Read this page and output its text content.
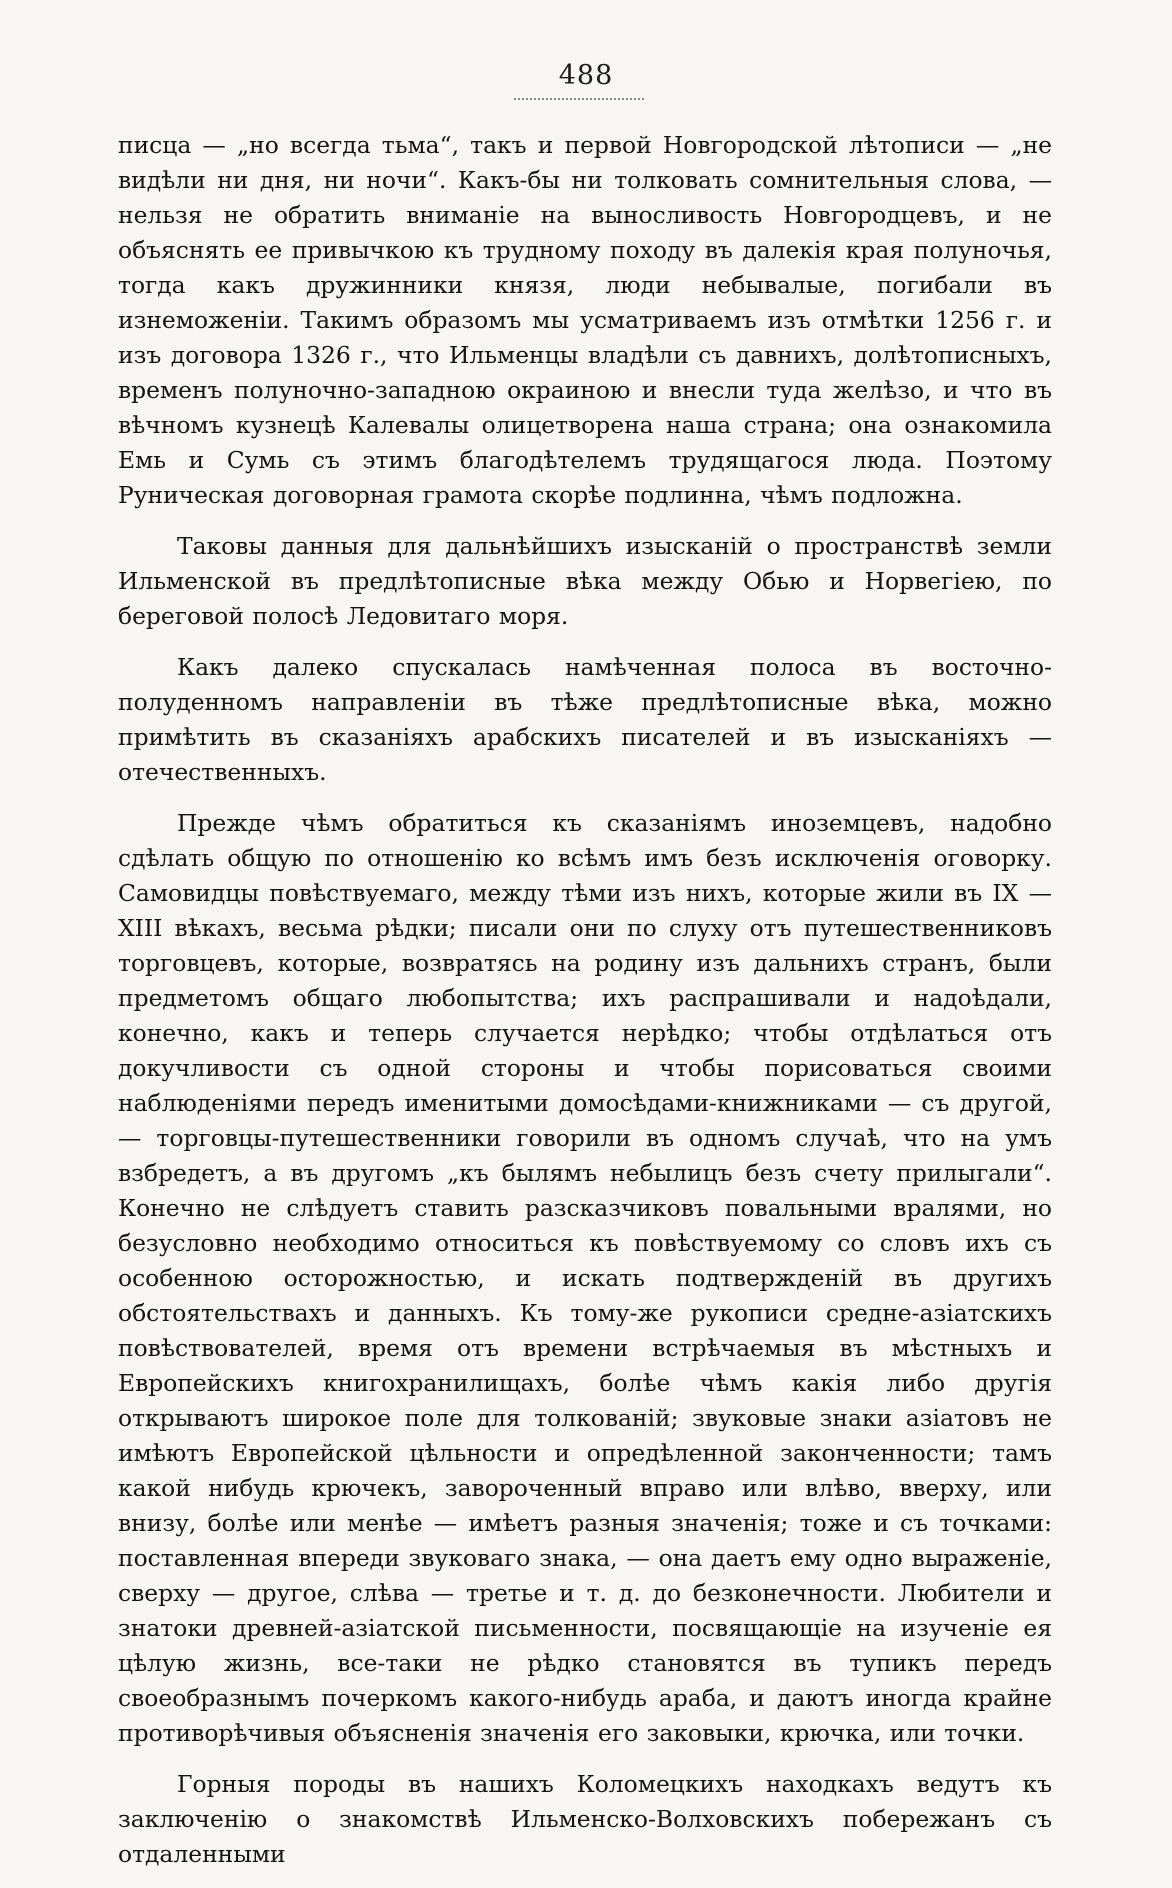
488

писца — „но всегда тьма“, такъ и первой Новгородской лѣтописи — „не видѣли ни дня, ни ночи“. Какъ-бы ни толковать сомнительныя слова, — нельзя не обратить вниманіе на выносливость Новгородцевъ, и не объяснять ее привычкою къ трудному походу въ далекія края полуночья, тогда какъ дружинники князя, люди небывалые, погибали въ изнеможеніи. Такимъ образомъ мы усматриваемъ изъ отмѣтки 1256 г. и изъ договора 1326 г., что Ильменцы владѣли съ давнихъ, долѣтописныхъ, временъ полуночно-западною окраиною и внесли туда желѣзо, и что въ вѣчномъ кузнецѣ Калевалы олицетворена наша страна; она ознакомила Емь и Сумь съ этимъ благодѣтелемъ трудящагося люда. Поэтому Руническая договорная грамота скорѣе подлинна, чѣмъ подложна.

Таковы данныя для дальнѣйшихъ изысканій о пространствѣ земли Ильменской въ предлѣтописные вѣка между Обью и Норвегіею, по береговой полосѣ Ледовитаго моря.

Какъ далеко спускалась намѣченная полоса въ восточно-полуденномъ направленіи въ тѣже предлѣтописные вѣка, можно примѣтить въ сказаніяхъ арабскихъ писателей и въ изысканіяхъ — отечественныхъ.

Прежде чѣмъ обратиться къ сказаніямъ иноземцевъ, надобно сдѣлать общую по отношенію ко всѣмъ имъ безъ исключенія оговорку. Самовидцы повѣствуемаго, между тѣми изъ нихъ, которые жили въ IX — XIII вѣкахъ, весьма рѣдки; писали они по слуху отъ путешественниковъ торговцевъ, которые, возвратясь на родину изъ дальнихъ странъ, были предметомъ общаго любопытства; ихъ распрашивали и надоѣдали, конечно, какъ и теперь случается нерѣдко; чтобы отдѣлаться отъ докучливости съ одной стороны и чтобы порисоваться своими наблюденіями передъ именитыми домосѣдами-книжниками — съ другой, — торговцы-путешественники говорили въ одномъ случаѣ, что на умъ взбредетъ, а въ другомъ „къ былямъ небылицъ безъ счету прилыгали“. Конечно не слѣдуетъ ставить разсказчиковъ повальными вралями, но безусловно необходимо относиться къ повѣствуемому со словъ ихъ съ особенною осторожностью, и искать подтвержденій въ другихъ обстоятельствахъ и данныхъ. Къ тому-же рукописи средне-азіатскихъ повѣствователей, время отъ времени встрѣчаемыя въ мѣстныхъ и Европейскихъ книгохранилищахъ, болѣе чѣмъ какія либо другія открываютъ широкое поле для толкованій; звуковые знаки азіатовъ не имѣютъ Европейской цѣльности и опредѣленной законченности; тамъ какой нибудь крючекъ, завороченный вправо или влѣво, вверху, или внизу, болѣе или менѣе — имѣетъ разныя значенія; тоже и съ точками: поставленная впереди звуковаго знака, — она даетъ ему одно выраженіе, сверху — другое, слѣва — третье и т. д. до безконечности. Любители и знатоки древней-азіатской письменности, посвящающіе на изученіе ея цѣлую жизнь, все-таки не рѣдко становятся въ тупикъ передъ своеобразнымъ почеркомъ какого-нибудь араба, и даютъ иногда крайне противорѣчивыя объясненія значенія его заковыки, крючка, или точки.

Горныя породы въ нашихъ Коломецкихъ находкахъ ведутъ къ заключенію о знакомствѣ Ильменско-Волховскихъ побережанъ съ отдаленными
